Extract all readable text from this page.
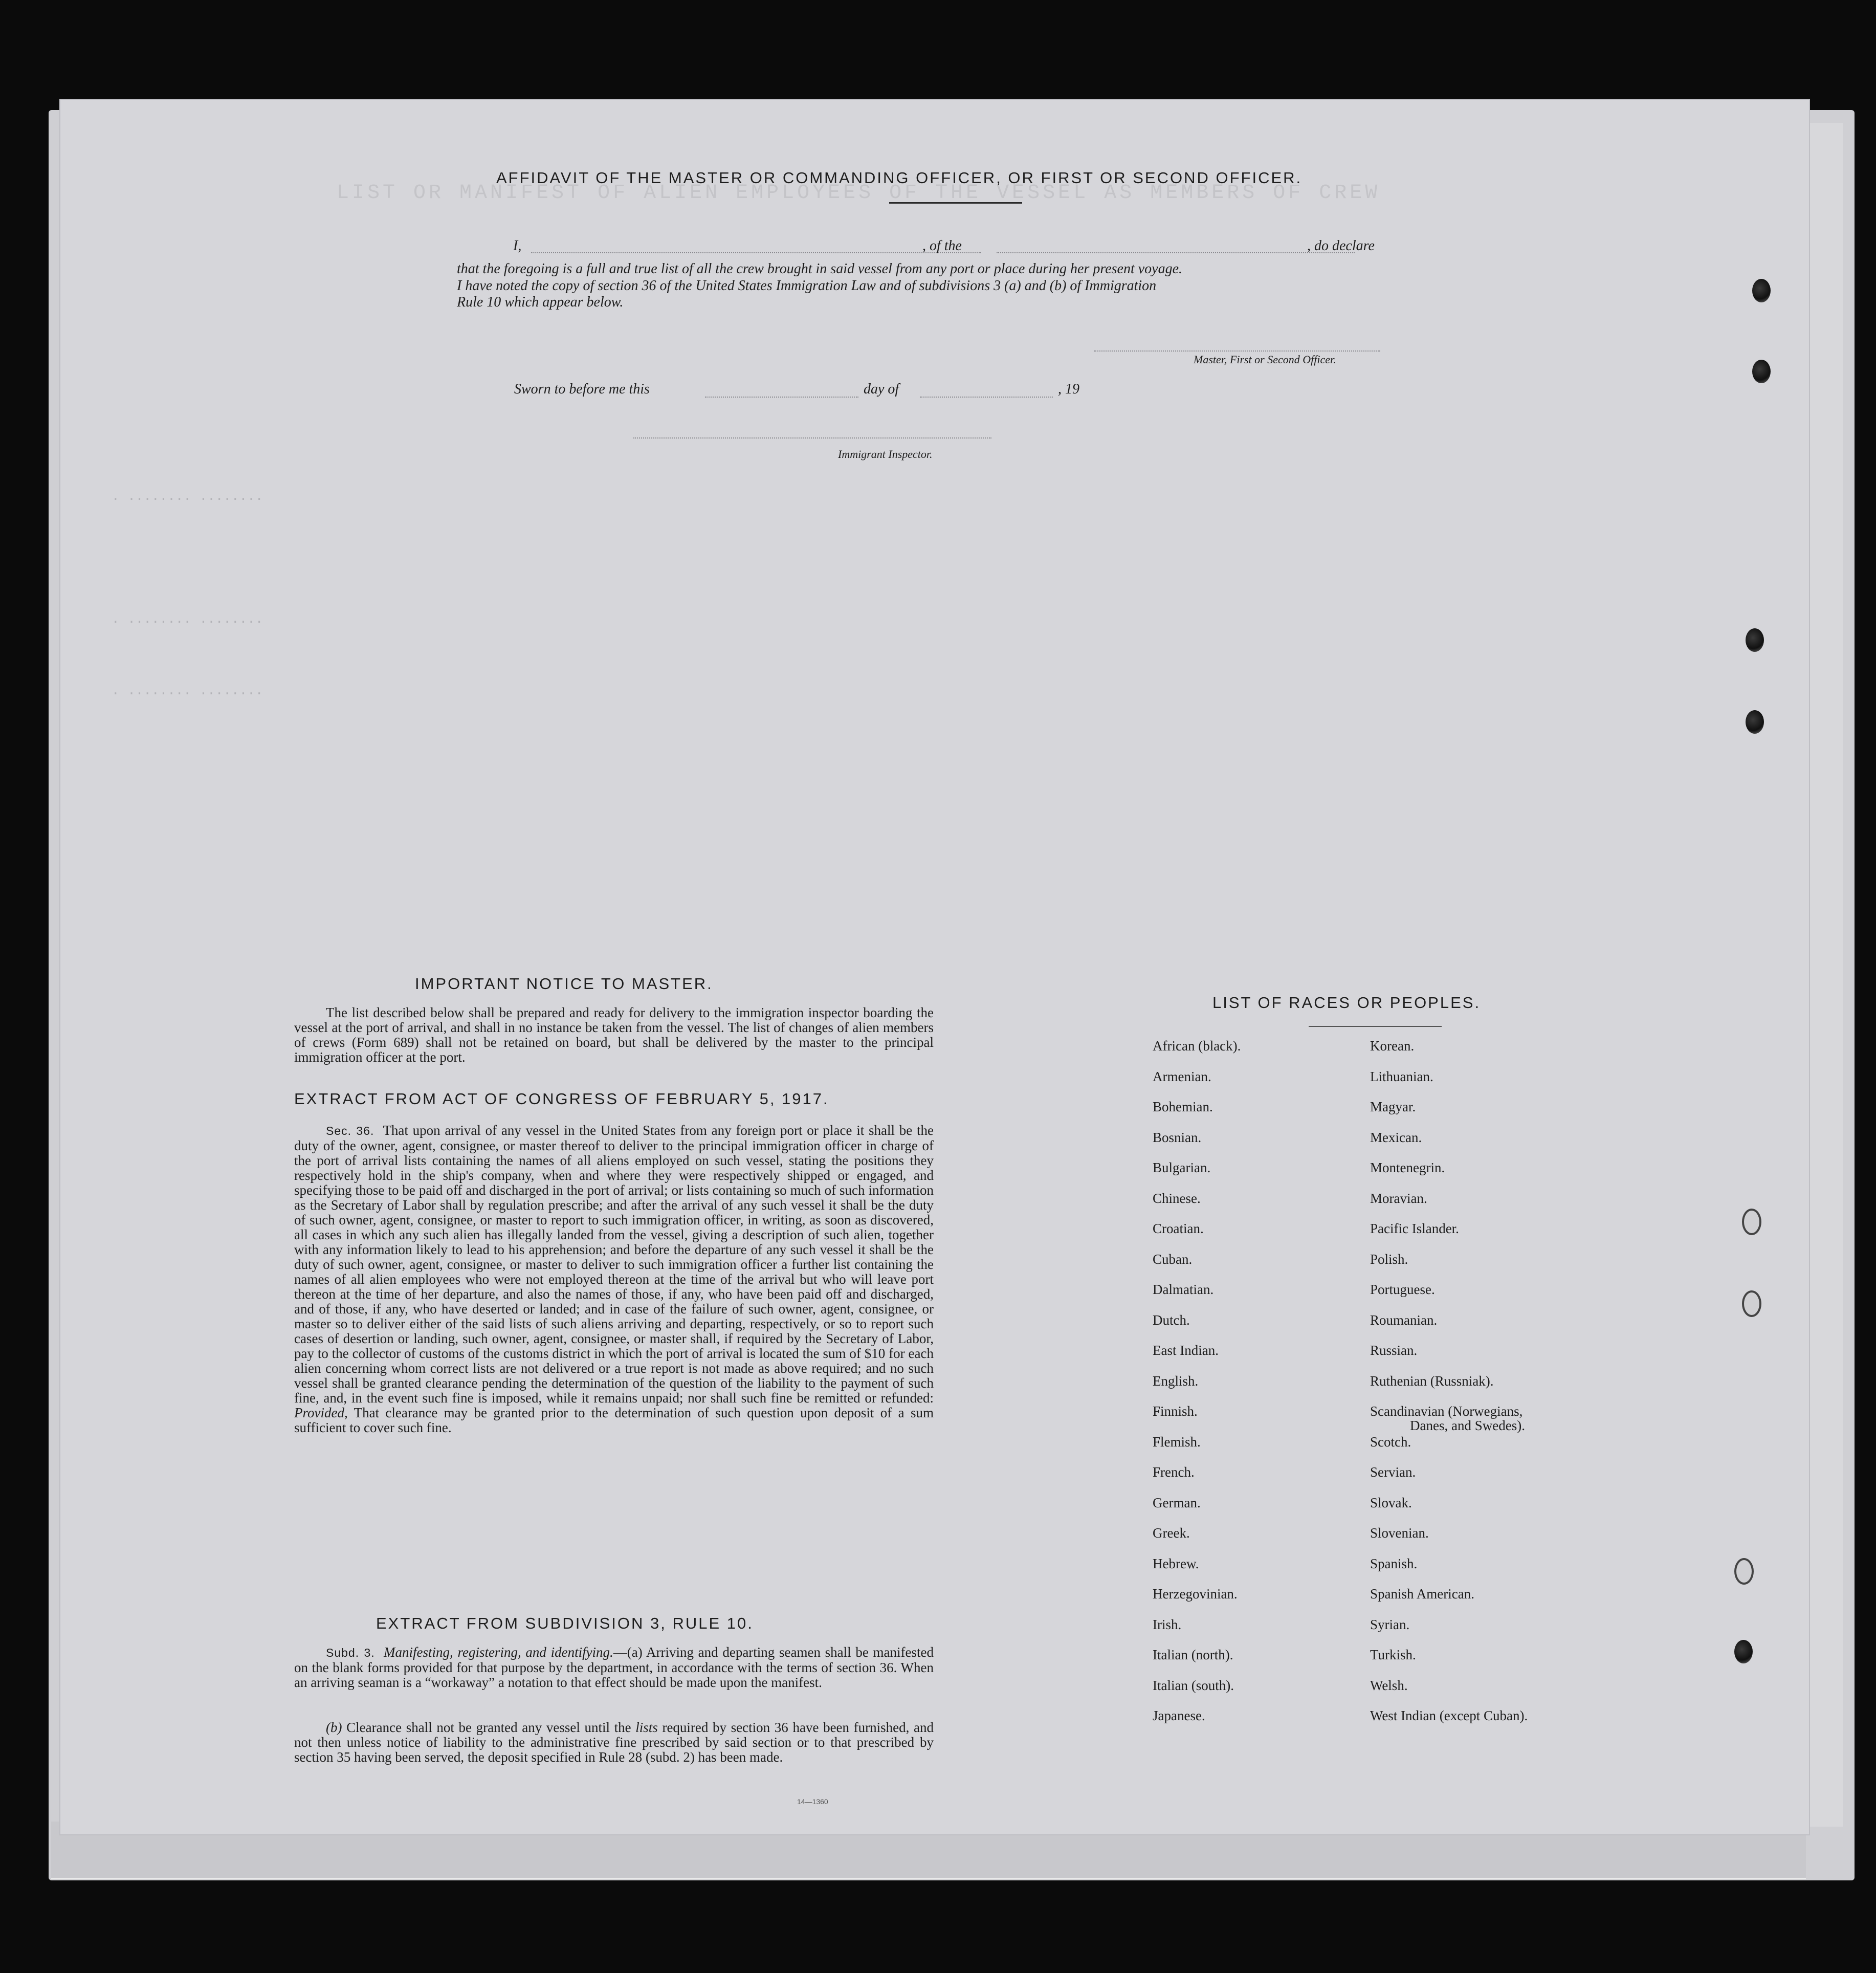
LIST OR MANIFEST OF ALIEN EMPLOYEES OF THE VESSEL AS MEMBERS OF CREW
. ........ ........
. ........ ........
. ........ ........
AFFIDAVIT OF THE MASTER OR COMMANDING OFFICER, OR FIRST OR SECOND OFFICER.
I,	, of the	, do declare
that the foregoing is a full and true list of all the crew brought in said vessel from any port or place during her present voyage.
I have noted the copy of section 36 of the United States Immigration Law and of subdivisions 3 (a) and (b) of Immigration
Rule 10 which appear below.
Master, First or Second Officer.
Sworn to before me this	day of	, 19
Immigrant Inspector.
IMPORTANT NOTICE TO MASTER.
The list described below shall be prepared and ready for delivery to the immigration inspector boarding the vessel at the port of arrival, and shall in no instance be taken from the vessel. The list of changes of alien members of crews (Form 689) shall not be retained on board, but shall be delivered by the master to the principal immigration officer at the port.
EXTRACT FROM ACT OF CONGRESS OF FEBRUARY 5, 1917.
Sec. 36. That upon arrival of any vessel in the United States from any foreign port or place it shall be the duty of the owner, agent, consignee, or master thereof to deliver to the principal immigration officer in charge of the port of arrival lists containing the names of all aliens employed on such vessel, stating the positions they respectively hold in the ship's company, when and where they were respectively shipped or engaged, and specifying those to be paid off and discharged in the port of arrival; or lists containing so much of such information as the Secretary of Labor shall by regulation prescribe; and after the arrival of any such vessel it shall be the duty of such owner, agent, consignee, or master to report to such immigration officer, in writing, as soon as discovered, all cases in which any such alien has illegally landed from the vessel, giving a description of such alien, together with any information likely to lead to his apprehension; and before the departure of any such vessel it shall be the duty of such owner, agent, consignee, or master to deliver to such immigration officer a further list containing the names of all alien employees who were not employed thereon at the time of the arrival but who will leave port thereon at the time of her departure, and also the names of those, if any, who have been paid off and discharged, and of those, if any, who have deserted or landed; and in case of the failure of such owner, agent, consignee, or master so to deliver either of the said lists of such aliens arriving and departing, respectively, or so to report such cases of desertion or landing, such owner, agent, consignee, or master shall, if required by the Secretary of Labor, pay to the collector of customs of the customs district in which the port of arrival is located the sum of $10 for each alien concerning whom correct lists are not delivered or a true report is not made as above required; and no such vessel shall be granted clearance pending the determination of the question of the liability to the payment of such fine, and, in the event such fine is imposed, while it remains unpaid; nor shall such fine be remitted or refunded: Provided, That clearance may be granted prior to the determination of such question upon deposit of a sum sufficient to cover such fine.
EXTRACT FROM SUBDIVISION 3, RULE 10.
Subd. 3. Manifesting, registering, and identifying.—(a) Arriving and departing seamen shall be manifested on the blank forms provided for that purpose by the department, in accordance with the terms of section 36. When an arriving seaman is a “workaway” a notation to that effect should be made upon the manifest.
(b) Clearance shall not be granted any vessel until the lists required by section 36 have been furnished, and not then unless notice of liability to the administrative fine prescribed by said section or to that prescribed by section 35 having been served, the deposit specified in Rule 28 (subd. 2) has been made.
14—1360
LIST OF RACES OR PEOPLES.
African (black).
Armenian.
Bohemian.
Bosnian.
Bulgarian.
Chinese.
Croatian.
Cuban.
Dalmatian.
Dutch.
East Indian.
English.
Finnish.
Flemish.
French.
German.
Greek.
Hebrew.
Herzegovinian.
Irish.
Italian (north).
Italian (south).
Japanese.
Korean.
Lithuanian.
Magyar.
Mexican.
Montenegrin.
Moravian.
Pacific Islander.
Polish.
Portuguese.
Roumanian.
Russian.
Ruthenian (Russniak).
Scandinavian (Norwegians,
Danes, and Swedes).
Scotch.
Servian.
Slovak.
Slovenian.
Spanish.
Spanish American.
Syrian.
Turkish.
Welsh.
West Indian (except Cuban).
